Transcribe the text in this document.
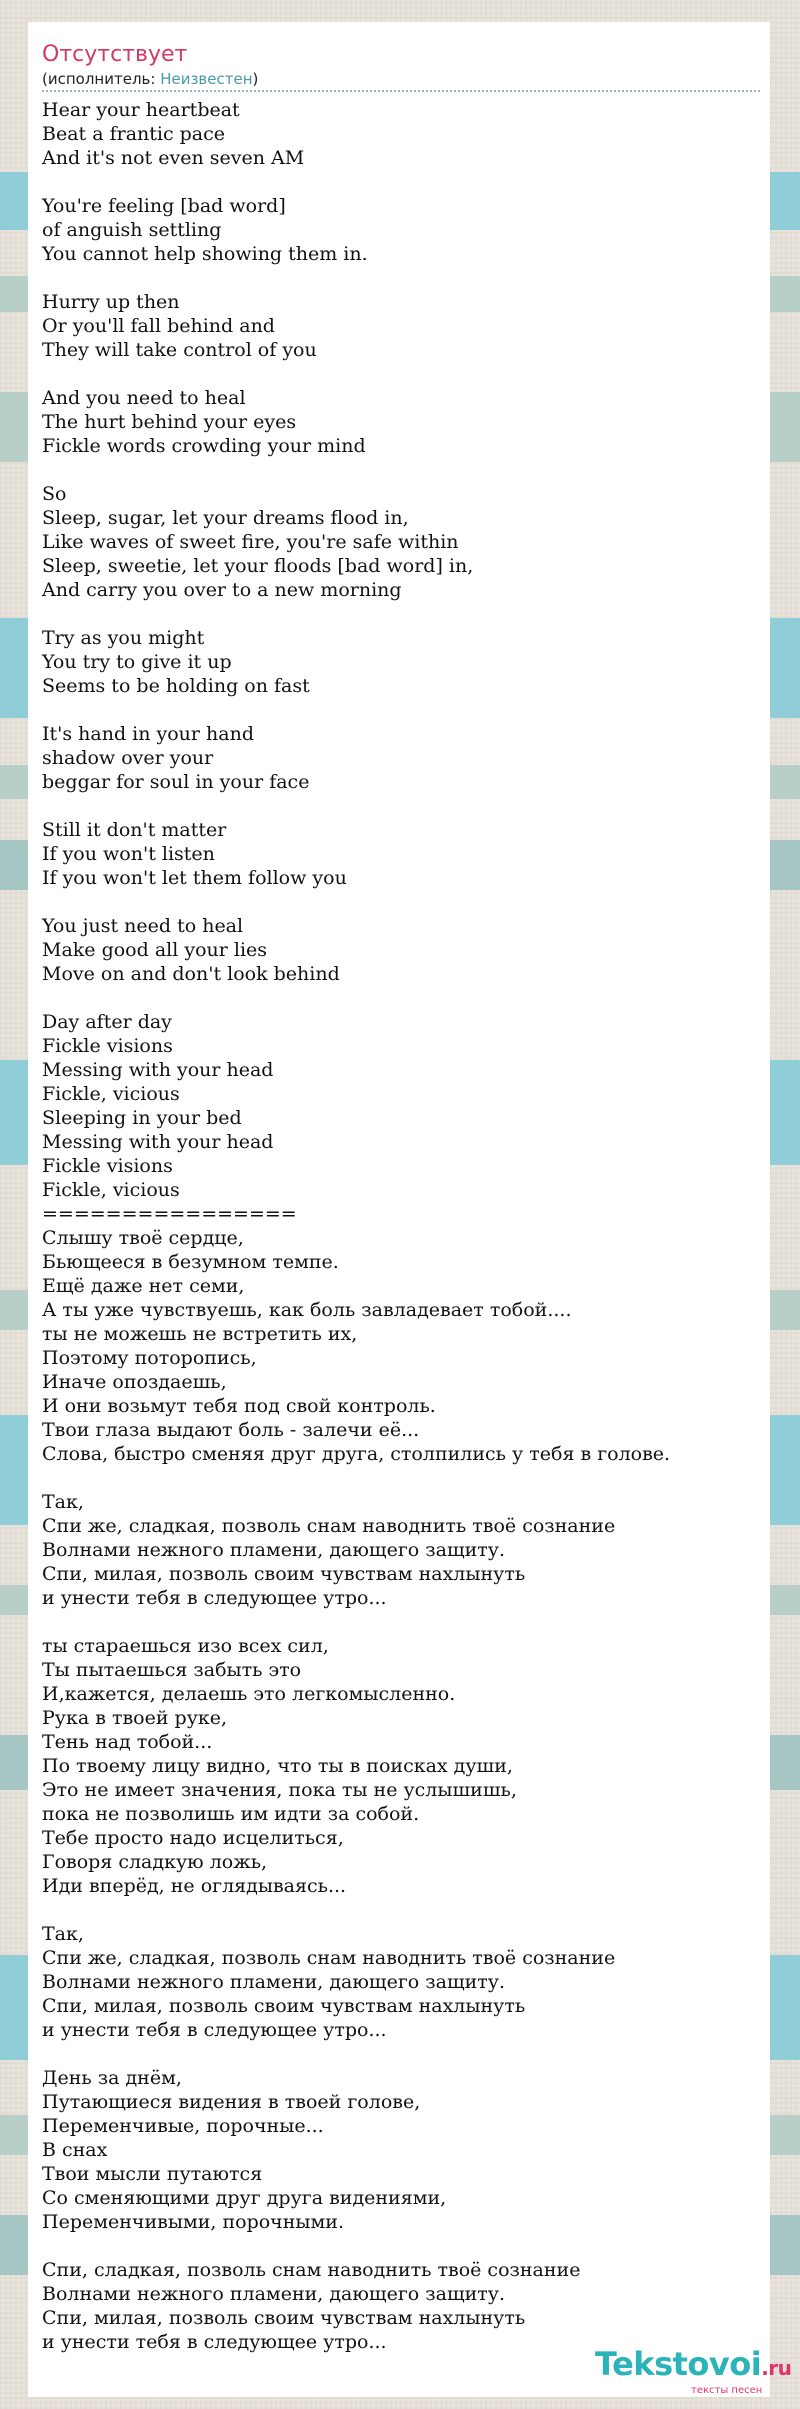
Отсутствует
(исполнитель: Неизвестен)
Hear your heartbeat
Beat a frantic pace
And it's not even seven AM

You're feeling [bad word]
of anguish settling
You cannot help showing them in.

Hurry up then
Or you'll fall behind and
They will take control of you

And you need to heal
The hurt behind your eyes
Fickle words crowding your mind

So
Sleep, sugar, let your dreams flood in,
Like waves of sweet fire, you're safe within
Sleep, sweetie, let your floods [bad word] in,
And carry you over to a new morning

Try as you might
You try to give it up
Seems to be holding on fast

It's hand in your hand
shadow over your
beggar for soul in your face

Still it don't matter
If you won't listen
If you won't let them follow you

You just need to heal
Make good all your lies
Move on and don't look behind

Day after day
Fickle visions
Messing with your head
Fickle, vicious
Sleeping in your bed
Messing with your head
Fickle visions
Fickle, vicious
================
Слышу твоё сердце,
Бьющееся в безумном темпе.
Ещё даже нет семи,
А ты уже чувствуешь, как боль завладевает тобой....
ты не можешь не встретить их,
Поэтому поторопись,
Иначе опоздаешь,
И они возьмут тебя под свой контроль.
Твои глаза выдают боль - залечи её...
Слова, быстро сменяя друг друга, столпились у тебя в голове.

Так,
Спи же, сладкая, позволь снам наводнить твоё сознание
Волнами нежного пламени, дающего защиту.
Спи, милая, позволь своим чувствам нахлынуть
и унести тебя в следующее утро...

ты стараешься изо всех сил,
Ты пытаешься забыть это
И,кажется, делаешь это легкомысленно.
Рука в твоей руке,
Тень над тобой...
По твоему лицу видно, что ты в поисках души,
Это не имеет значения, пока ты не услышишь,
пока не позволишь им идти за собой.
Тебе просто надо исцелиться,
Говоря сладкую ложь,
Иди вперёд, не оглядываясь...

Так,
Спи же, сладкая, позволь снам наводнить твоё сознание
Волнами нежного пламени, дающего защиту.
Спи, милая, позволь своим чувствам нахлынуть
и унести тебя в следующее утро...

День за днём,
Путающиеся видения в твоей голове,
Переменчивые, порочные...
В снах
Твои мысли путаются
Со сменяющими друг друга видениями,
Переменчивыми, порочными.

Спи, сладкая, позволь снам наводнить твоё сознание
Волнами нежного пламени, дающего защиту.
Спи, милая, позволь своим чувствам нахлынуть
и унести тебя в следующее утро...
Tekstovoi.ru
тексты песен
